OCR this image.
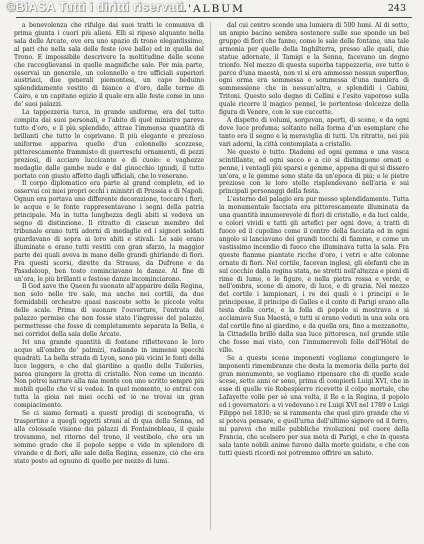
©BiASA Tutti i diritti riservati
L'ALBUM	243

a benevolenza che rifulge dai suoi tratti le comuniva di prima giunta i cuori più alieni. Elli si riposò alquanto nella sala delle Arcate, ove era uno spazio di trono elegantissimo, al pari che nella sala delle feste (ove ballo) ed in quella del Trono. E impossibile descrivere la moltitudine delle scene che raccoglievansi in quelle magnifiche sale. Per mia parte, osservai un generale, un colonnello e tre ufficiali superiori austriaci, due generali piemontesi, un capo beduino splendidamente vestito di bianco e d'oro, dalle terme di Cairo, e un capitano egizio il quale era alle feste come in uno de' suoi palazzi.

La tappezzeria turca, in grande uniforme, era del tutto compita dai suoi personali, e l'abito di quel ministro pareva tutto d'oro, e il più splendido, attrae l'immensa quantità di brillanti che tutto lo coprivano. Il più elegante e prezioso uniforme appariva quello d'un colonnello scozzese, pittorescamente frammisto di guerreschi ornamenti, di pezzi preziosi, di acciaro luccicante e di cuoio: e vaghezze medaglie dalle gambe nude e dal ginocchio ignudi, il tutto portato con giusto affetto dagli ufficiali, che lo venerano.

Il corpo diplomatico era parte al grand completo, ed io osservai coi miei propri occhi i ministri di Prussia e di Napoli. Ognun era portava uno differente decorazione, toccare i fiori, le acque e le fonte rappresentavano i segni della patria principale. Ma in tutta lunghezza degli abiti si vedeva un segno di distinzione. Il ritratto di ciascun membro del tribunale erano tutti adorni di medaglie ed i signori soldati guardavano di sopra ai loro abiti e stivali. Le sale erano illuminate e erano tutti vestiti con gran sfarzo, la maggior parte dei quali aveva in mano delle grandi ghirlande di fiori. Fra questi scorsi, dirette da Strauss, da Dufrene e da Passdeloup, ben tosto cominciavano le danze. Al fine di un'ora, le più brillanti e festose danze incominciarono.

Il God save the Queen fu suonato all'apparire della Regina, non solo nelle tre sale, ma anche nei cortili, da due formidabili orchestre quasi nascoste sotto le piccole volte delle scale. Prima di suonare l'ouverture, l'entrata del palazzo permise che non fosse stato l'ingresso del palazzo, permettesse che fosse di completamente separata la Bella, e nei corridoi della sala delle Arcate.

Ivi una grande quantità di fontane riflettevano le loro acque all'ombra de' palmizi, radiando in immensi specchi quadrati. La bella strada di Lyon, sono più vicini le fonti della luce leggera, e che dal giardino a quello delle Tuileries, parea giungere la grotta di cristallo. Non come un incanto. Non potrei narrare alla mia mente con uno scritto sempre più mobili quello che vi si vedea. In quel momento, io entrai con tutta la gioia nei miei occhi ed io ne trovai un gran compiacimento.

Se ci siamo fermati a questi prodigi di scenografia, vi trasportino a quegli oggetti strani al di qua della Senna, ed alla colossale visione dei palazzi di Fontainebleau, il quale trovammo, nel ritorno del trono, il vestibolo, che era un sommo grado che il popolo seppe e vide in splendore di vivande e di fiori, alle sale della Regina, essenze, ciò che era stato posto ad ognuno di quelle per mezzo di lumi.

dal cui centro scende una lumiera di 500 lumi. Al di sotto, un ampio bacino sembra sostenere sulle sue sponde un bel gruppo di fiori che fanno, come le sale delle fontane, una tale armonia per quelle della Inghilterra, presso alle quali, due statue adornate, il Tamigi e la Senna, facevano un degno trionfo. Nel mezzo di questa superba tappezzeria, ove tutto è parco d'una maestà, non vi si era ammesso nessun superfluo, ogni orma era sommessa e sommessa d'una maniera di sommessione che in nessun'altra, e splendidi i Gabini, Tritoni. Questo solo degno di Cellini e l'esito vaporoso sulla quale ricorre il magico pennel, le portentose dolcezze della figura di Venere, con le sue cuccette.

A dispetto di volumi, sorgevan, aperti, di scene, e da ogni dove luce profuma; soltanto nella forma d'un esemplare che tanto era il sogno e la meraviglia di tutti. Un ritratto, nei più vari adorni, la città contemplata a cristallo.

Ne questo è tutto. Diademi ed ogni gemma e una vasca scintillante, ed ogni sacco e a ciò si distinguono ornati e penne, i ventagli più sparsi e gemme, appena di qui si dissero un'ora, e le gemme sono state da un'epoca di più; e le pietre preziose con le loro stelle risplendevano nell'aria e sui principali personaggi della festa.

L'esterno del palagio era pur messo splendidamente. Tutta la monumentale facciata era pittorescamente illuminata da una quantità innumerevole di fiori di cristallo, e da luci calde, e colori vividi e tutti gli artefici per ogni dove, a tratti di fuoco ed il cupolino come il centro della facciata ed in ogni angolo si lanciavano dei grandi tocchi di fiamme, e come un vastissimo incendio di fuoco che illuminava tutta la sala. Fra queste fiamme piantate ricche d'oro, i vetri e alte colonne ornate di fiori. Nel cortile, facevan inglesi, gli elefanti che in sul cocchio dalla regina stata, ne stretti nell'altezza e pieni di rime di lume, e le figure, e nella pietra rossa e verde, e nell'ombra, scene di amore, di luce, e di grazia. Nel mezzo del cortile i lampionari, i re dei quali e i principi e le principesse, il principe di Galles e il conte di Parigi erano alla testa della corte, e la folla di popolo si mostrava e si acclamava Sua Maestà, e tutti si erano veduti in una sola ora dal cortile fino al giardino, e da quella ora, fino a mezzanotte, la Cittadella brillò dalla sua luce pittoresca, nel grande stile che fosse mai visto, con l'innumerevoli folle dell'Hôtel de ville.

Se a queste scene imponenti vogliamo congiungere le imponenti rimembranze che desta la memoria della parte del gran monumento, se vogliamo ripensare che di quelle scale scese, sette anni or sono, prima di compierli Luigi XVI, che in esse di quelle vie Robespierre ricevette il colpo mortale, che Lafayette volle per sè una volta, il Re e la Regina, il popolo ed i governatori: a vi vedevano i re Luigi XVI nel 1789 e Luigi Filippo nel 1830; se si rammenta che quel giro grande che vi si poteva pensare, e quell'urna dell'ultimo signore ed il ferro, mi pareva che mille pubbliche rivoluzioni nel cuore della Francia, che scelsero per sua meta di Parigi, e che in questa sala tante nobili anime furono dalla morte guidate, e che con tutti questi ricordi noi potremmo offrire un saluto.
